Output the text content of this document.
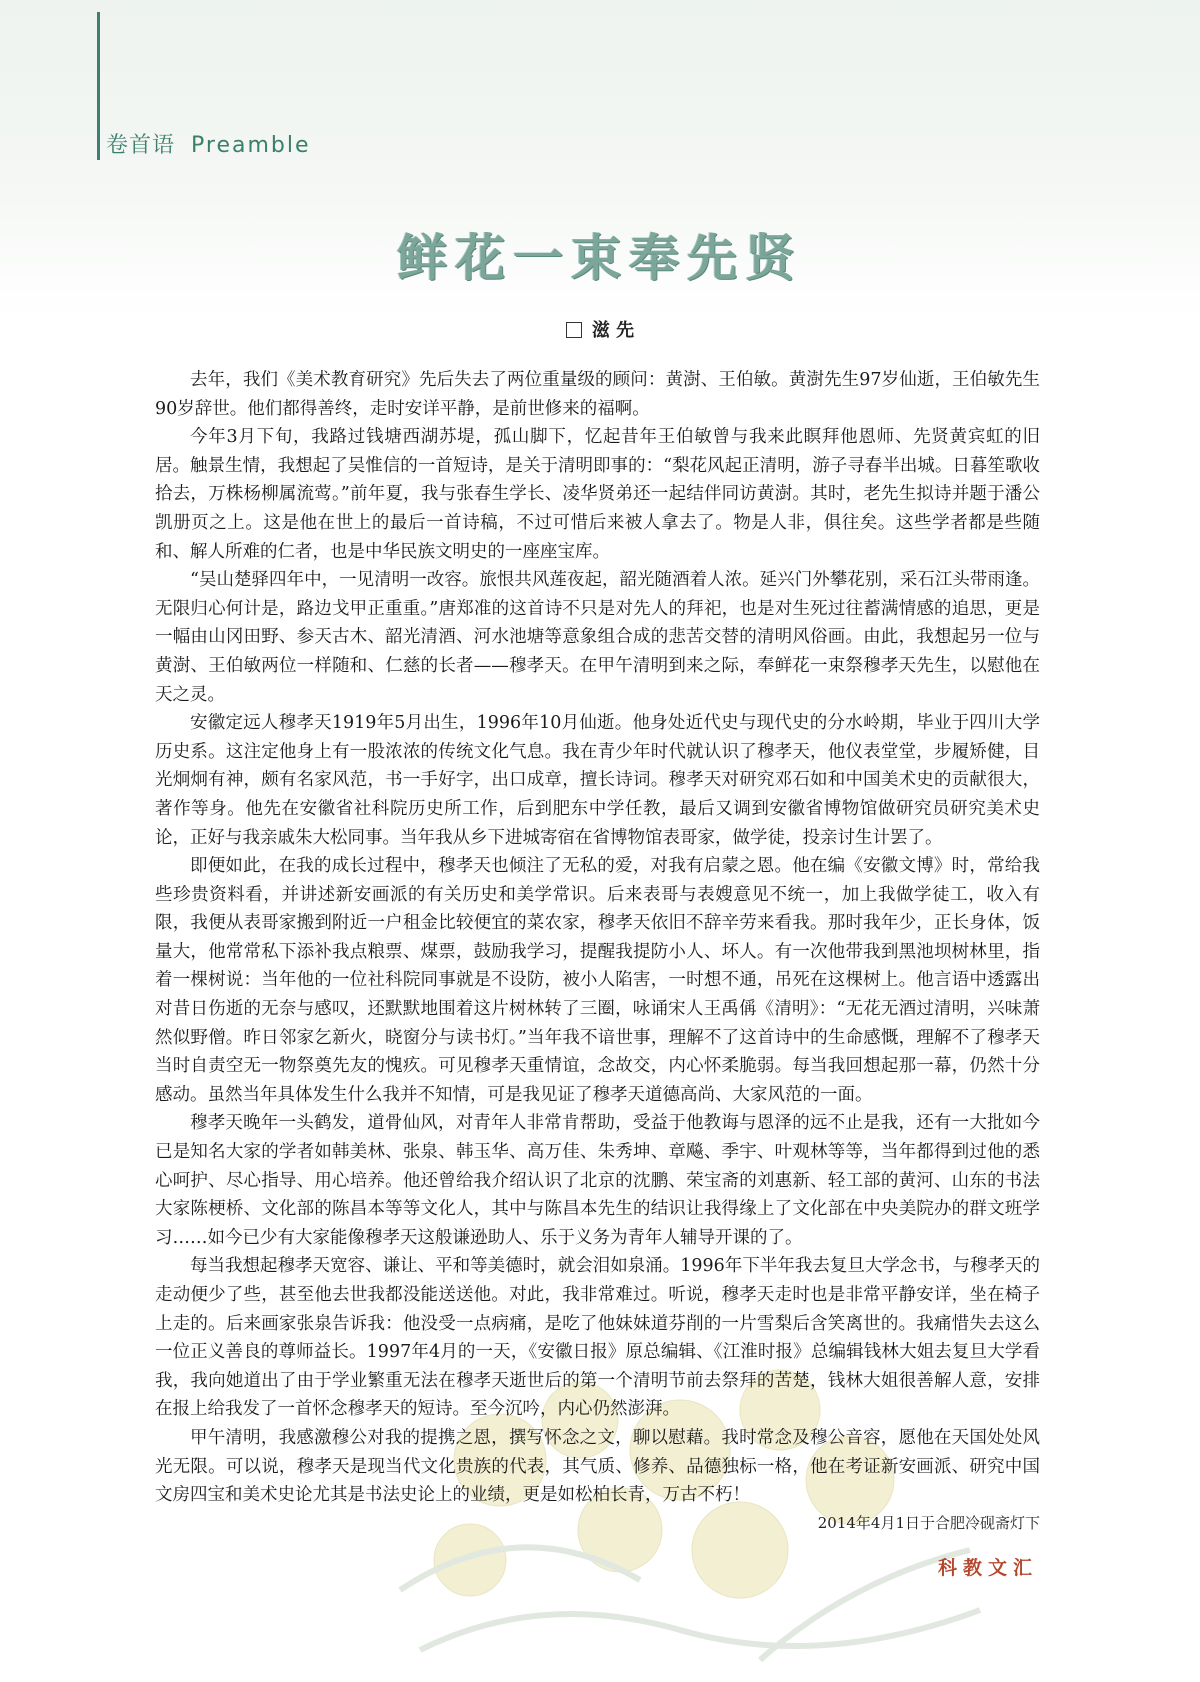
卷首语 Preamble
鲜花一束奉先贤
滋 先

去年，我们《美术教育研究》先后失去了两位重量级的顾问：黄澍、王伯敏。黄澍先生97岁仙逝，王伯敏先生90岁辞世。他们都得善终，走时安详平静，是前世修来的福啊。

今年3月下旬，我路过钱塘西湖苏堤，孤山脚下，忆起昔年王伯敏曾与我来此瞑拜他恩师、先贤黄宾虹的旧居。触景生情，我想起了吴惟信的一首短诗，是关于清明即事的：“梨花风起正清明，游子寻春半出城。日暮笙歌收拾去，万株杨柳属流莺。”前年夏，我与张春生学长、凌华贤弟还一起结伴同访黄澍。其时，老先生拟诗并题于潘公凯册页之上。这是他在世上的最后一首诗稿，不过可惜后来被人拿去了。物是人非，俱往矣。这些学者都是些随和、解人所难的仁者，也是中华民族文明史的一座座宝库。

“吴山楚驿四年中，一见清明一改容。旅恨共风莲夜起，韶光随酒着人浓。延兴门外攀花别，采石江头带雨逢。无限归心何计是，路边戈甲正重重。”唐郑准的这首诗不只是对先人的拜祀，也是对生死过往蓄满情感的追思，更是一幅由山冈田野、参天古木、韶光清酒、河水池塘等意象组合成的悲苦交替的清明风俗画。由此，我想起另一位与黄澍、王伯敏两位一样随和、仁慈的长者——穆孝天。在甲午清明到来之际，奉鲜花一束祭穆孝天先生，以慰他在天之灵。

安徽定远人穆孝天1919年5月出生，1996年10月仙逝。他身处近代史与现代史的分水岭期，毕业于四川大学历史系。这注定他身上有一股浓浓的传统文化气息。我在青少年时代就认识了穆孝天，他仪表堂堂，步履矫健，目光炯炯有神，颇有名家风范，书一手好字，出口成章，擅长诗词。穆孝天对研究邓石如和中国美术史的贡献很大，著作等身。他先在安徽省社科院历史所工作，后到肥东中学任教，最后又调到安徽省博物馆做研究员研究美术史论，正好与我亲戚朱大松同事。当年我从乡下进城寄宿在省博物馆表哥家，做学徒，投亲讨生计罢了。

即便如此，在我的成长过程中，穆孝天也倾注了无私的爱，对我有启蒙之恩。他在编《安徽文博》时，常给我些珍贵资料看，并讲述新安画派的有关历史和美学常识。后来表哥与表嫂意见不统一，加上我做学徒工，收入有限，我便从表哥家搬到附近一户租金比较便宜的菜农家，穆孝天依旧不辞辛劳来看我。那时我年少，正长身体，饭量大，他常常私下添补我点粮票、煤票，鼓励我学习，提醒我提防小人、坏人。有一次他带我到黑池坝树林里，指着一棵树说：当年他的一位社科院同事就是不设防，被小人陷害，一时想不通，吊死在这棵树上。他言语中透露出对昔日伤逝的无奈与感叹，还默默地围着这片树林转了三圈，咏诵宋人王禹偁《清明》：“无花无酒过清明，兴味萧然似野僧。昨日邻家乞新火，晓窗分与读书灯。”当年我不谙世事，理解不了这首诗中的生命感慨，理解不了穆孝天当时自责空无一物祭奠先友的愧疚。可见穆孝天重情谊，念故交，内心怀柔脆弱。每当我回想起那一幕，仍然十分感动。虽然当年具体发生什么我并不知情，可是我见证了穆孝天道德高尚、大家风范的一面。

穆孝天晚年一头鹤发，道骨仙风，对青年人非常肯帮助，受益于他教诲与恩泽的远不止是我，还有一大批如今已是知名大家的学者如韩美林、张泉、韩玉华、高万佳、朱秀坤、章飚、季宇、叶观林等等，当年都得到过他的悉心呵护、尽心指导、用心培养。他还曾给我介绍认识了北京的沈鹏、荣宝斋的刘惠新、轻工部的黄河、山东的书法大家陈梗桥、文化部的陈昌本等等文化人，其中与陈昌本先生的结识让我得缘上了文化部在中央美院办的群文班学习……如今已少有大家能像穆孝天这般谦逊助人、乐于义务为青年人辅导开课的了。

每当我想起穆孝天宽容、谦让、平和等美德时，就会泪如泉涌。1996年下半年我去复旦大学念书，与穆孝天的走动便少了些，甚至他去世我都没能送送他。对此，我非常难过。听说，穆孝天走时也是非常平静安详，坐在椅子上走的。后来画家张泉告诉我：他没受一点病痛，是吃了他妹妹道芬削的一片雪梨后含笑离世的。我痛惜失去这么一位正义善良的尊师益长。1997年4月的一天，《安徽日报》原总编辑、《江淮时报》总编辑钱林大姐去复旦大学看我，我向她道出了由于学业繁重无法在穆孝天逝世后的第一个清明节前去祭拜的苦楚，钱林大姐很善解人意，安排在报上给我发了一首怀念穆孝天的短诗。至今沉吟，内心仍然澎湃。

甲午清明，我感激穆公对我的提携之恩，撰写怀念之文，聊以慰藉。我时常念及穆公音容，愿他在天国处处风光无限。可以说，穆孝天是现当代文化贵族的代表，其气质、修养、品德独标一格，他在考证新安画派、研究中国文房四宝和美术史论尤其是书法史论上的业绩，更是如松柏长青，万古不朽！

2014年4月1日于合肥冷砚斋灯下
科教文汇
